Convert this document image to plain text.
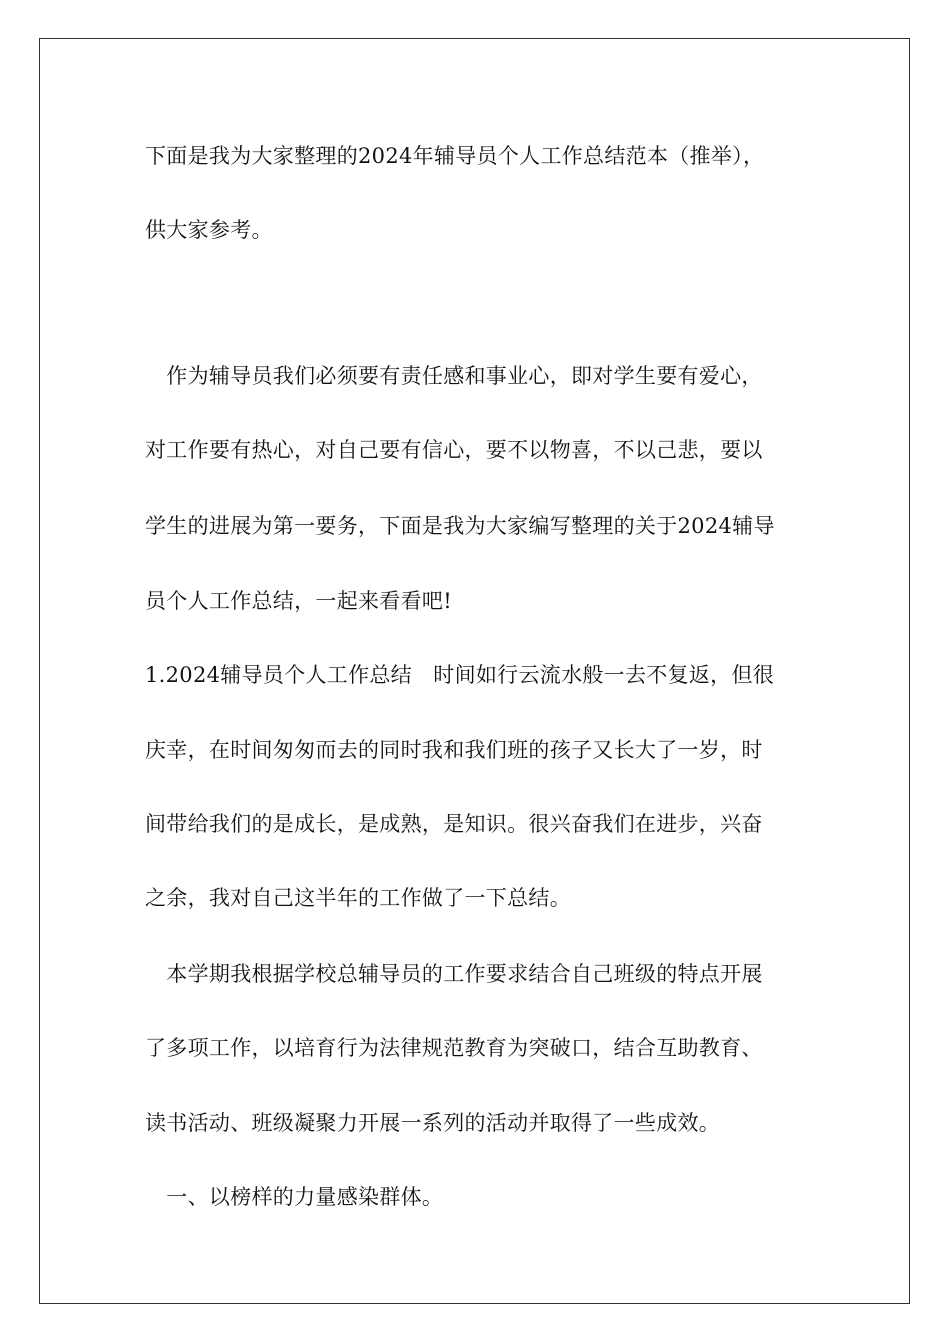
下面是我为大家整理的2024年辅导员个人工作总结范本（推举），
供大家参考。
　作为辅导员我们必须要有责任感和事业心，即对学生要有爱心，
对工作要有热心，对自己要有信心，要不以物喜，不以己悲，要以
学生的进展为第一要务，下面是我为大家编写整理的关于2024辅导
员个人工作总结，一起来看看吧!
1.2024辅导员个人工作总结　时间如行云流水般一去不复返，但很
庆幸，在时间匆匆而去的同时我和我们班的孩子又长大了一岁，时
间带给我们的是成长，是成熟，是知识。很兴奋我们在进步，兴奋
之余，我对自己这半年的工作做了一下总结。
　本学期我根据学校总辅导员的工作要求结合自己班级的特点开展
了多项工作，以培育行为法律规范教育为突破口，结合互助教育、
读书活动、班级凝聚力开展一系列的活动并取得了一些成效。
　一、以榜样的力量感染群体。
